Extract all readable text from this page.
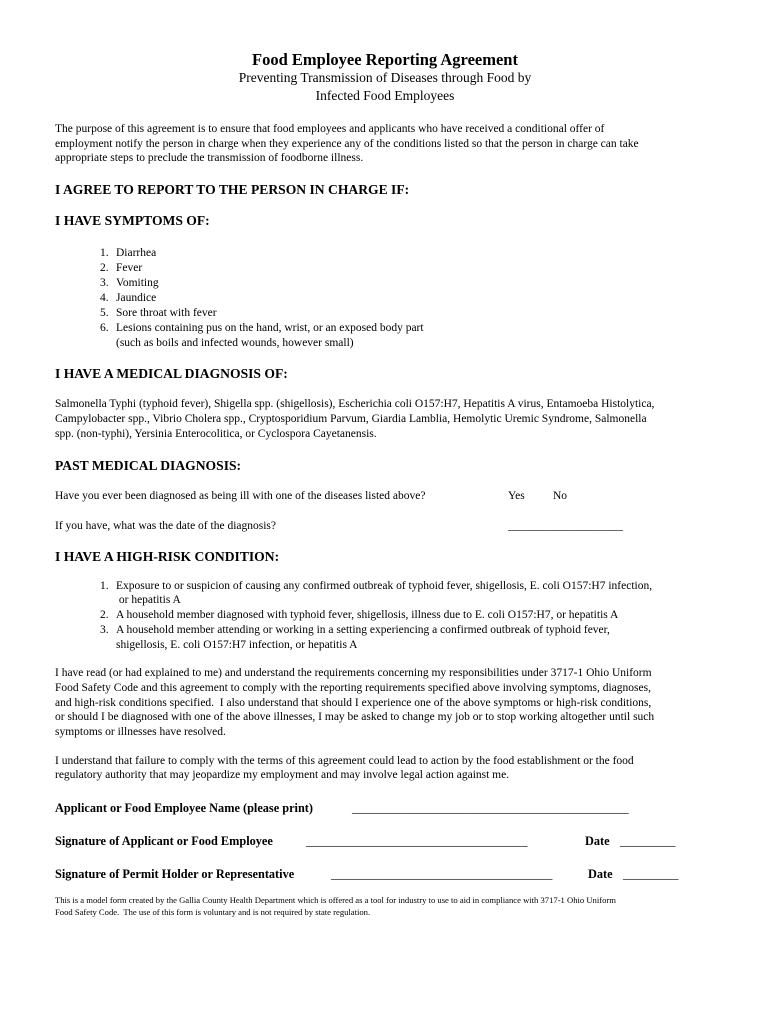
Food Employee Reporting Agreement
Preventing Transmission of Diseases through Food by
Infected Food Employees
The purpose of this agreement is to ensure that food employees and applicants who have received a conditional offer of
employment notify the person in charge when they experience any of the conditions listed so that the person in charge can take
appropriate steps to preclude the transmission of foodborne illness.
I AGREE TO REPORT TO THE PERSON IN CHARGE IF:
I HAVE SYMPTOMS OF:
1. Diarrhea
2. Fever
3. Vomiting
4. Jaundice
5. Sore throat with fever
6. Lesions containing pus on the hand, wrist, or an exposed body part
(such as boils and infected wounds, however small)
I HAVE A MEDICAL DIAGNOSIS OF:
Salmonella Typhi (typhoid fever), Shigella spp. (shigellosis), Escherichia coli O157:H7, Hepatitis A virus, Entamoeba Histolytica,
Campylobacter spp., Vibrio Cholera spp., Cryptosporidium Parvum, Giardia Lamblia, Hemolytic Uremic Syndrome, Salmonella
spp. (non-typhi), Yersinia Enterocolitica, or Cyclospora Cayetanensis.
PAST MEDICAL DIAGNOSIS:
Have you ever been diagnosed as being ill with one of the diseases listed above?	Yes No
If you have, what was the date of the diagnosis?	____________________
I HAVE A HIGH-RISK CONDITION:
1. Exposure to or suspicion of causing any confirmed outbreak of typhoid fever, shigellosis, E. coli O157:H7 infection,
or hepatitis A
2. A household member diagnosed with typhoid fever, shigellosis, illness due to E. coli O157:H7, or hepatitis A
3. A household member attending or working in a setting experiencing a confirmed outbreak of typhoid fever,
shigellosis, E. coli O157:H7 infection, or hepatitis A
I have read (or had explained to me) and understand the requirements concerning my responsibilities under 3717-1 Ohio Uniform
Food Safety Code and this agreement to comply with the reporting requirements specified above involving symptoms, diagnoses,
and high-risk conditions specified.  I also understand that should I experience one of the above symptoms or high-risk conditions,
or should I be diagnosed with one of the above illnesses, I may be asked to change my job or to stop working altogether until such
symptoms or illnesses have resolved.
I understand that failure to comply with the terms of this agreement could lead to action by the food establishment or the food
regulatory authority that may jeopardize my employment and may involve legal action against me.
Applicant or Food Employee Name (please print)	_____________________________________________
Signature of Applicant or Food Employee	____________________________________	Date _________
Signature of Permit Holder or Representative	____________________________________	Date _________
This is a model form created by the Gallia County Health Department which is offered as a tool for industry to use to aid in compliance with 3717-1 Ohio Uniform
Food Safety Code.  The use of this form is voluntary and is not required by state regulation.
